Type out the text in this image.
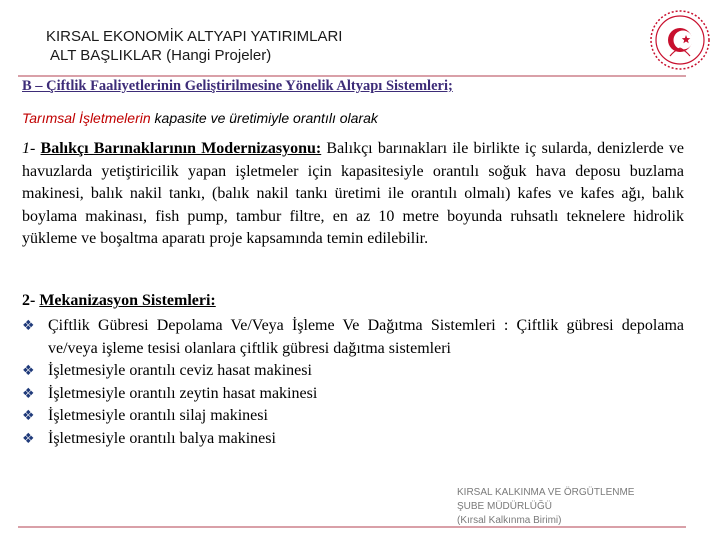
KIRSAL EKONOMİK ALTYAPI YATIRIMLARI
ALT BAŞLIKLAR (Hangi Projeler)
B – Çiftlik Faaliyetlerinin Geliştirilmesine Yönelik Altyapı Sistemleri;
Tarımsal İşletmelerin kapasite ve üretimiyle orantılı olarak
1- Balıkçı Barınaklarının Modernizasyonu: Balıkçı barınakları ile birlikte iç sularda, denizlerde ve havuzlarda yetiştiricilik yapan işletmeler için kapasitesiyle orantılı soğuk hava deposu buzlama makinesi, balık nakil tankı, (balık nakil tankı üretimi ile orantılı olmalı) kafes ve kafes ağı, balık boylama makinası, fish pump, tambur filtre, en az 10 metre boyunda ruhsatlı teknelere hidrolik yükleme ve boşaltma aparatı proje kapsamında temin edilebilir.
2- Mekanizasyon Sistemleri:
❖ Çiftlik Gübresi Depolama Ve/Veya İşleme Ve Dağıtma Sistemleri : Çiftlik gübresi depolama ve/veya işleme tesisi olanlara çiftlik gübresi dağıtma sistemleri
❖ İşletmesiyle orantılı ceviz hasat makinesi
❖ İşletmesiyle orantılı zeytin hasat makinesi
❖ İşletmesiyle orantılı silaj makinesi
❖ İşletmesiyle orantılı balya makinesi
KIRSAL KALKINMA VE ÖRGÜTLENME
ŞUBE MÜDÜRLÜĞÜ
(Kırsal Kalkınma Birimi)
